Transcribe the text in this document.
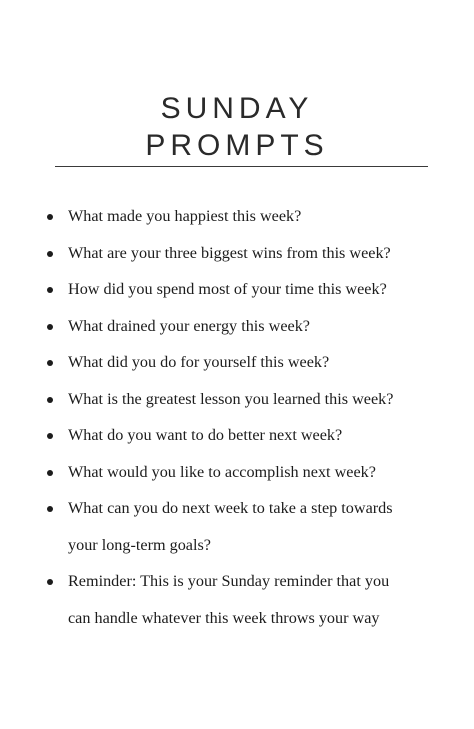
SUNDAY
PROMPTS
What made you happiest this week?
What are your three biggest wins from this week?
How did you spend most of your time this week?
What drained your energy this week?
What did you do for yourself this week?
What is the greatest lesson you learned this week?
What do you want to do better next week?
What would you like to accomplish next week?
What can you do next week to take a step towards
your long-term goals?
Reminder: This is your Sunday reminder that you
can handle whatever this week throws your way
